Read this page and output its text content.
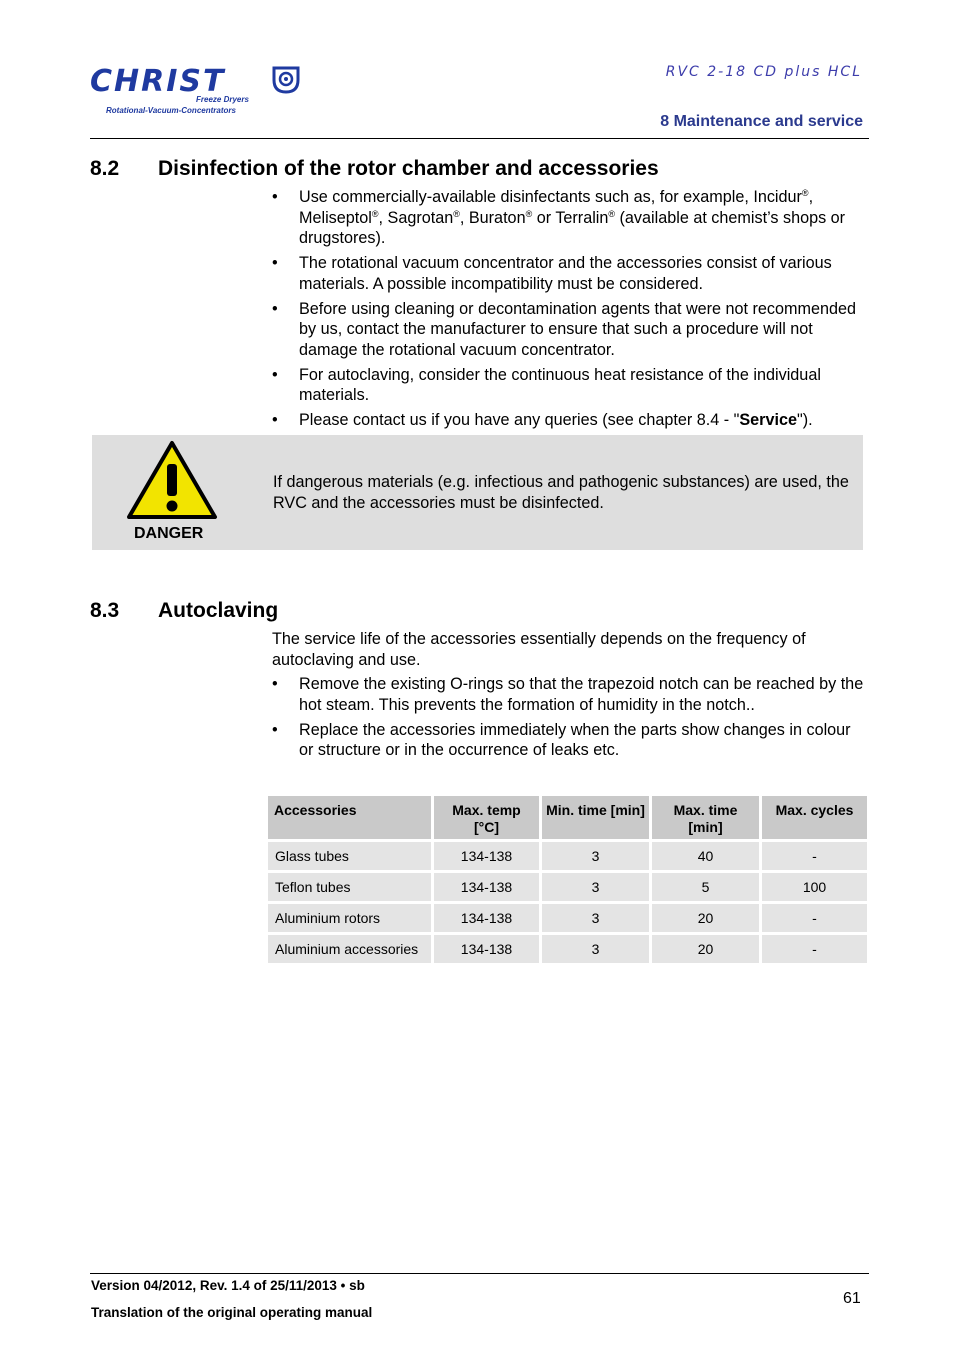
CHRIST
Freeze Dryers
Rotational-Vacuum-Concentrators
RVC 2-18 CD plus HCL
8 Maintenance and service
8.2 Disinfection of the rotor chamber and accessories
• Use commercially-available disinfectants such as, for example, Incidur®, Meliseptol®, Sagrotan®, Buraton® or Terralin® (available at chemist’s shops or drugstores).
• The rotational vacuum concentrator and the accessories consist of various materials. A possible incompatibility must be considered.
• Before using cleaning or decontamination agents that were not recommended by us, contact the manufacturer to ensure that such a procedure will not damage the rotational vacuum concentrator.
• For autoclaving, consider the continuous heat resistance of the individual materials.
• Please contact us if you have any queries (see chapter 8.4 - "Service").
DANGER
If dangerous materials (e.g. infectious and pathogenic substances) are used, the RVC and the accessories must be disinfected.
8.3 Autoclaving
The service life of the accessories essentially depends on the frequency of autoclaving and use.
• Remove the existing O-rings so that the trapezoid notch can be reached by the hot steam. This prevents the formation of humidity in the notch..
• Replace the accessories immediately when the parts show changes in colour or structure or in the occurrence of leaks etc.
Accessories	Max. temp [°C]	Min. time [min]	Max. time [min]	Max. cycles
Glass tubes	134-138	3	40	-
Teflon tubes	134-138	3	5	100
Aluminium rotors	134-138	3	20	-
Aluminium accessories	134-138	3	20	-
Version 04/2012, Rev. 1.4 of 25/11/2013 • sb
Translation of the original operating manual
61
